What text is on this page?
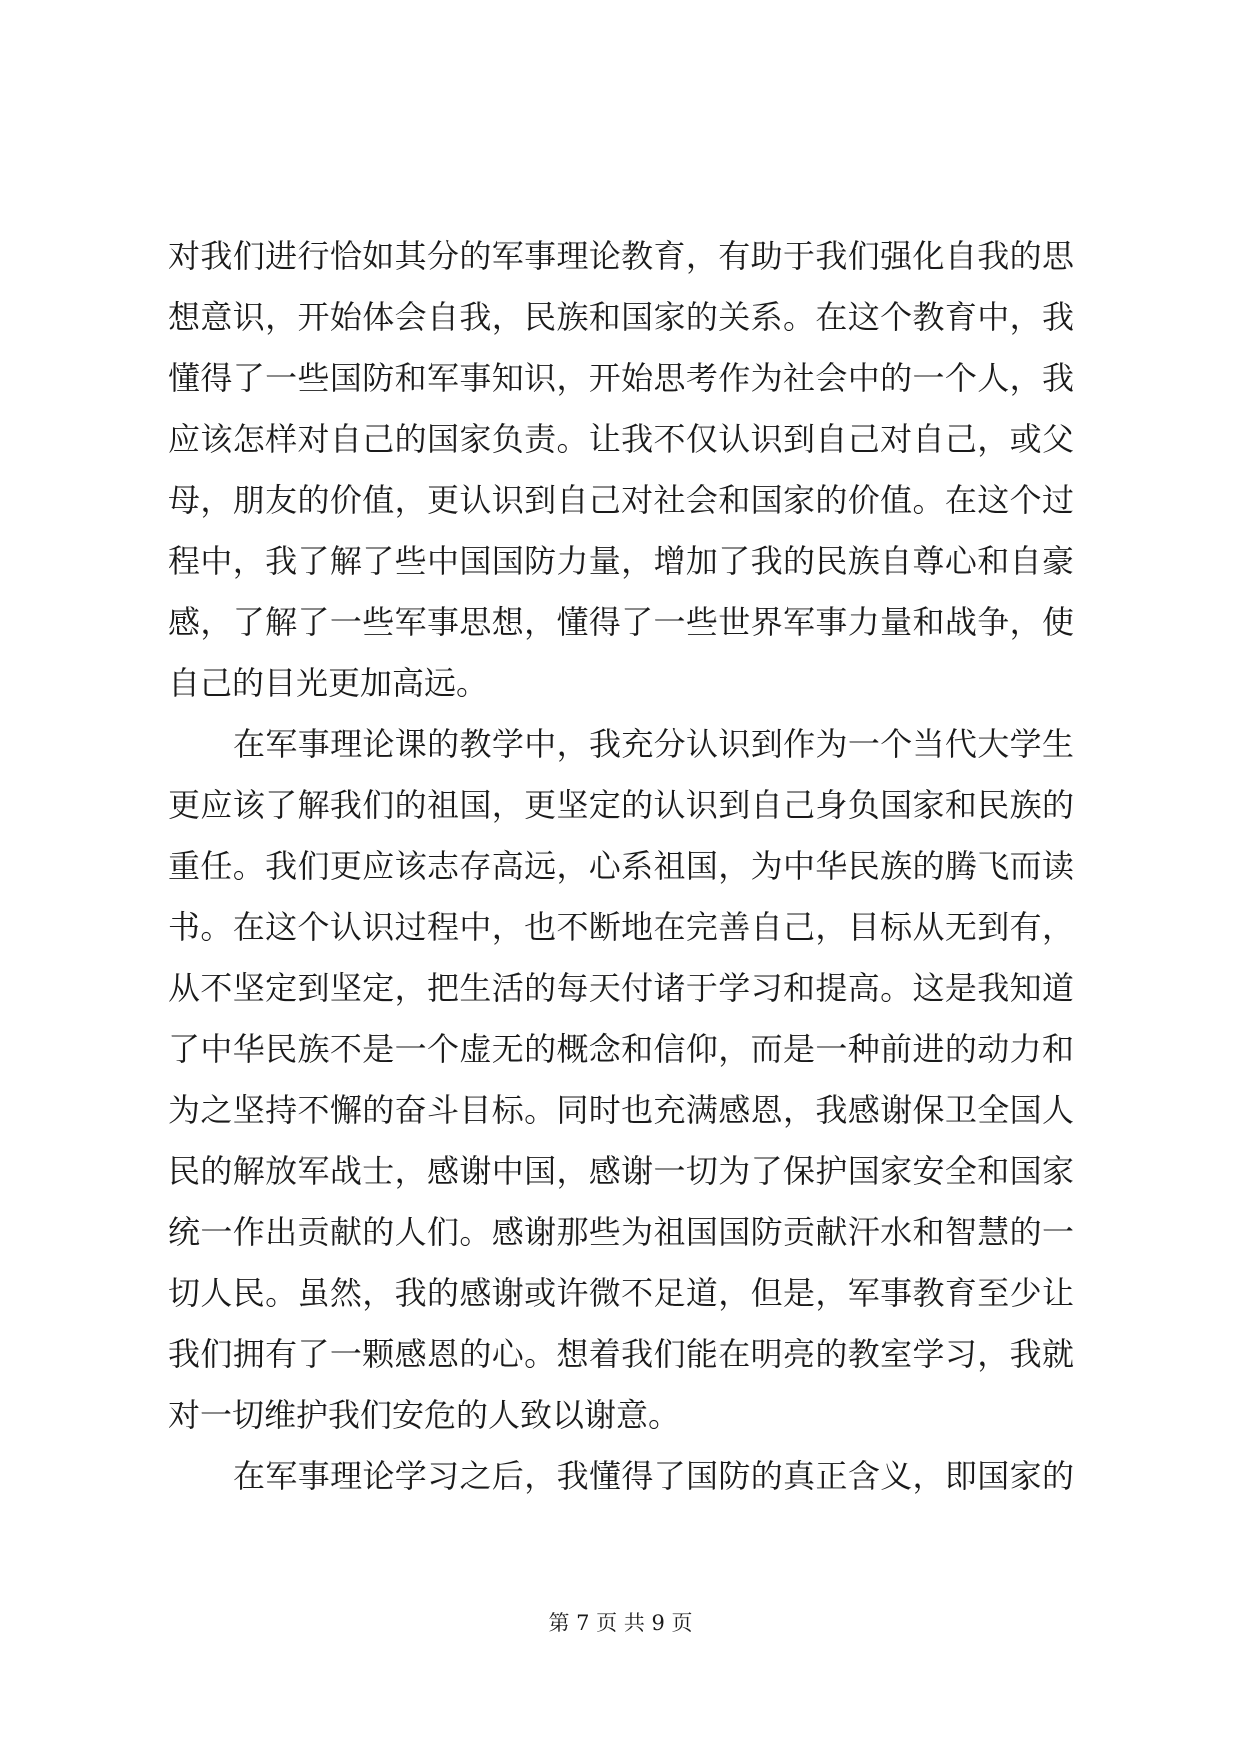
对我们进行恰如其分的军事理论教育，有助于我们强化自我的思
想意识，开始体会自我，民族和国家的关系。在这个教育中，我
懂得了一些国防和军事知识，开始思考作为社会中的一个人，我
应该怎样对自己的国家负责。让我不仅认识到自己对自己，或父
母，朋友的价值，更认识到自己对社会和国家的价值。在这个过
程中，我了解了些中国国防力量，增加了我的民族自尊心和自豪
感，了解了一些军事思想，懂得了一些世界军事力量和战争，使
自己的目光更加高远。
在军事理论课的教学中，我充分认识到作为一个当代大学生
更应该了解我们的祖国，更坚定的认识到自己身负国家和民族的
重任。我们更应该志存高远，心系祖国，为中华民族的腾飞而读
书。在这个认识过程中，也不断地在完善自己，目标从无到有，
从不坚定到坚定，把生活的每天付诸于学习和提高。这是我知道
了中华民族不是一个虚无的概念和信仰，而是一种前进的动力和
为之坚持不懈的奋斗目标。同时也充满感恩，我感谢保卫全国人
民的解放军战士，感谢中国，感谢一切为了保护国家安全和国家
统一作出贡献的人们。感谢那些为祖国国防贡献汗水和智慧的一
切人民。虽然，我的感谢或许微不足道，但是，军事教育至少让
我们拥有了一颗感恩的心。想着我们能在明亮的教室学习，我就
对一切维护我们安危的人致以谢意。
在军事理论学习之后，我懂得了国防的真正含义，即国家的
第 7 页 共 9 页
